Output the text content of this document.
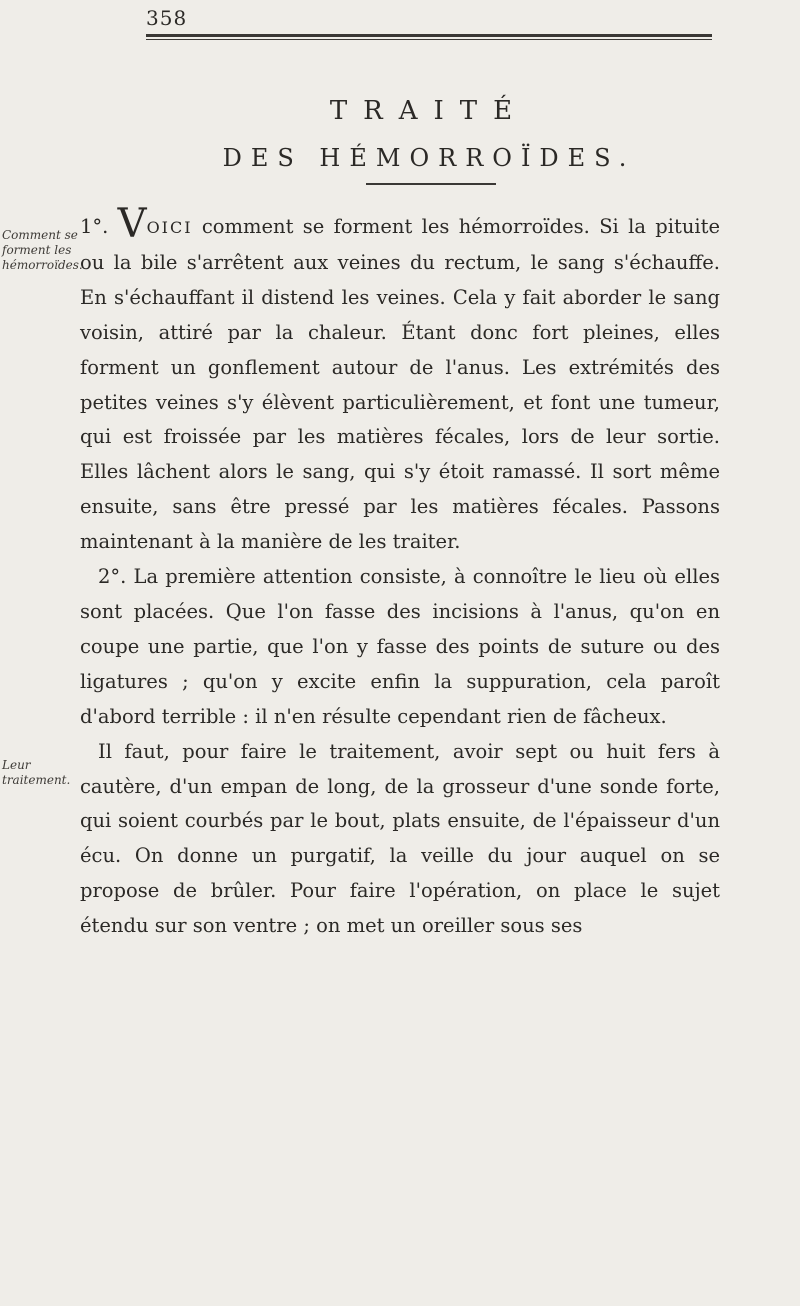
358
TRAITÉ
DES HÉMORROÏDES.
Comment se forment les hémorroïdes.
Leur traitement.

1°. VOICI comment se forment les hémorroïdes. Si la pituite ou la bile s'arrêtent aux veines du rectum, le sang s'échauffe. En s'échauffant il distend les veines. Cela y fait aborder le sang voisin, attiré par la chaleur. Étant donc fort pleines, elles forment un gonflement autour de l'anus. Les extrémités des petites veines s'y élèvent particulièrement, et font une tumeur, qui est froissée par les matières fécales, lors de leur sortie. Elles lâchent alors le sang, qui s'y étoit ramassé. Il sort même ensuite, sans être pressé par les matières fécales. Passons maintenant à la manière de les traiter.

2°. La première attention consiste, à connoître le lieu où elles sont placées. Que l'on fasse des incisions à l'anus, qu'on en coupe une partie, que l'on y fasse des points de suture ou des ligatures ; qu'on y excite enfin la suppuration, cela paroît d'abord terrible : il n'en résulte cependant rien de fâcheux.

Il faut, pour faire le traitement, avoir sept ou huit fers à cautère, d'un empan de long, de la grosseur d'une sonde forte, qui soient courbés par le bout, plats ensuite, de l'épaisseur d'un écu. On donne un purgatif, la veille du jour auquel on se propose de brûler. Pour faire l'opération, on place le sujet étendu sur son ventre ; on met un oreiller sous ses
